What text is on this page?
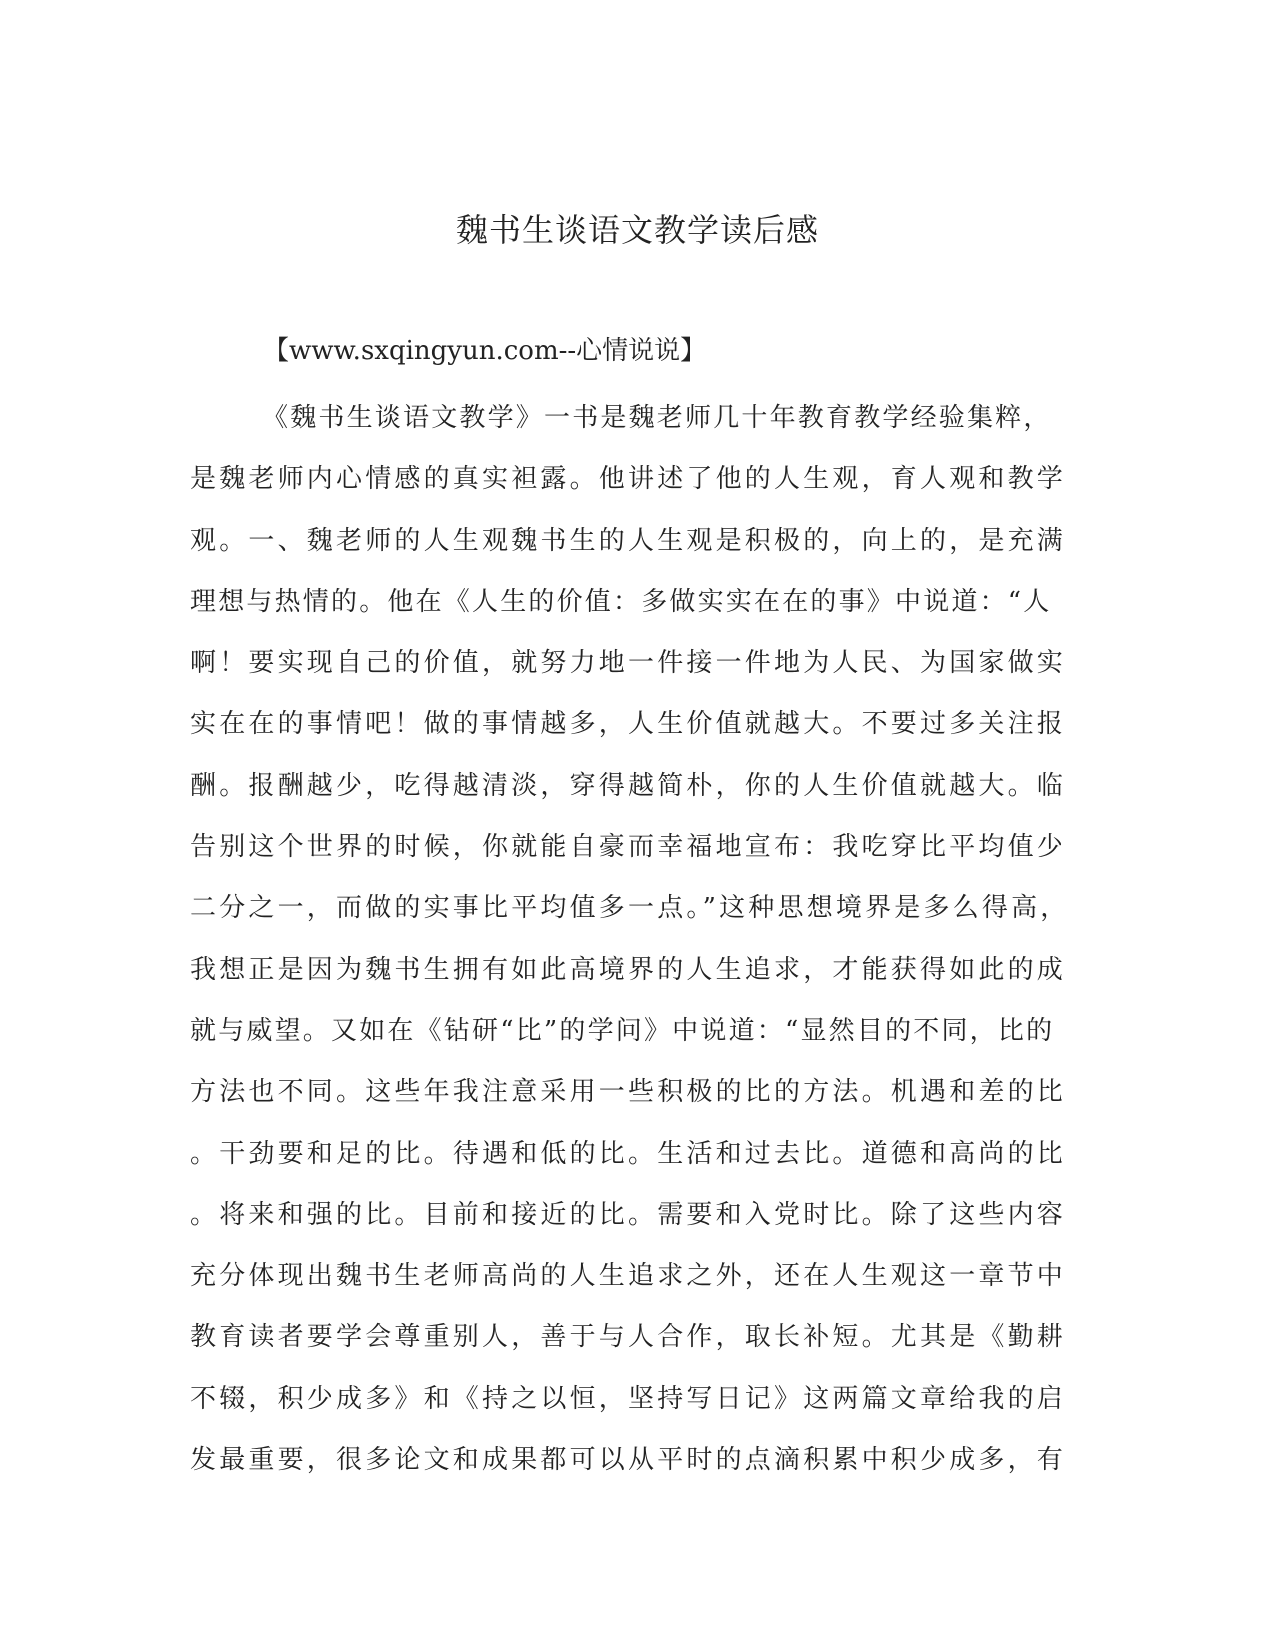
魏书生谈语文教学读后感
【www.sxqingyun.com--心情说说】
《魏书生谈语文教学》一书是魏老师几十年教育教学经验集粹，
是魏老师内心情感的真实袒露。他讲述了他的人生观，育人观和教学
观。一、魏老师的人生观魏书生的人生观是积极的，向上的，是充满
理想与热情的。他在《人生的价值：多做实实在在的事》中说道：“人
啊！要实现自己的价值，就努力地一件接一件地为人民、为国家做实
实在在的事情吧！做的事情越多，人生价值就越大。不要过多关注报
酬。报酬越少，吃得越清淡，穿得越简朴，你的人生价值就越大。临
告别这个世界的时候，你就能自豪而幸福地宣布：我吃穿比平均值少
二分之一，而做的实事比平均值多一点。”这种思想境界是多么得高，
我想正是因为魏书生拥有如此高境界的人生追求，才能获得如此的成
就与威望。又如在《钻研“比”的学问》中说道：“显然目的不同，比的
方法也不同。这些年我注意采用一些积极的比的方法。机遇和差的比
。干劲要和足的比。待遇和低的比。生活和过去比。道德和高尚的比
。将来和强的比。目前和接近的比。需要和入党时比。除了这些内容
充分体现出魏书生老师高尚的人生追求之外，还在人生观这一章节中
教育读者要学会尊重别人，善于与人合作，取长补短。尤其是《勤耕
不辍，积少成多》和《持之以恒，坚持写日记》这两篇文章给我的启
发最重要，很多论文和成果都可以从平时的点滴积累中积少成多，有
